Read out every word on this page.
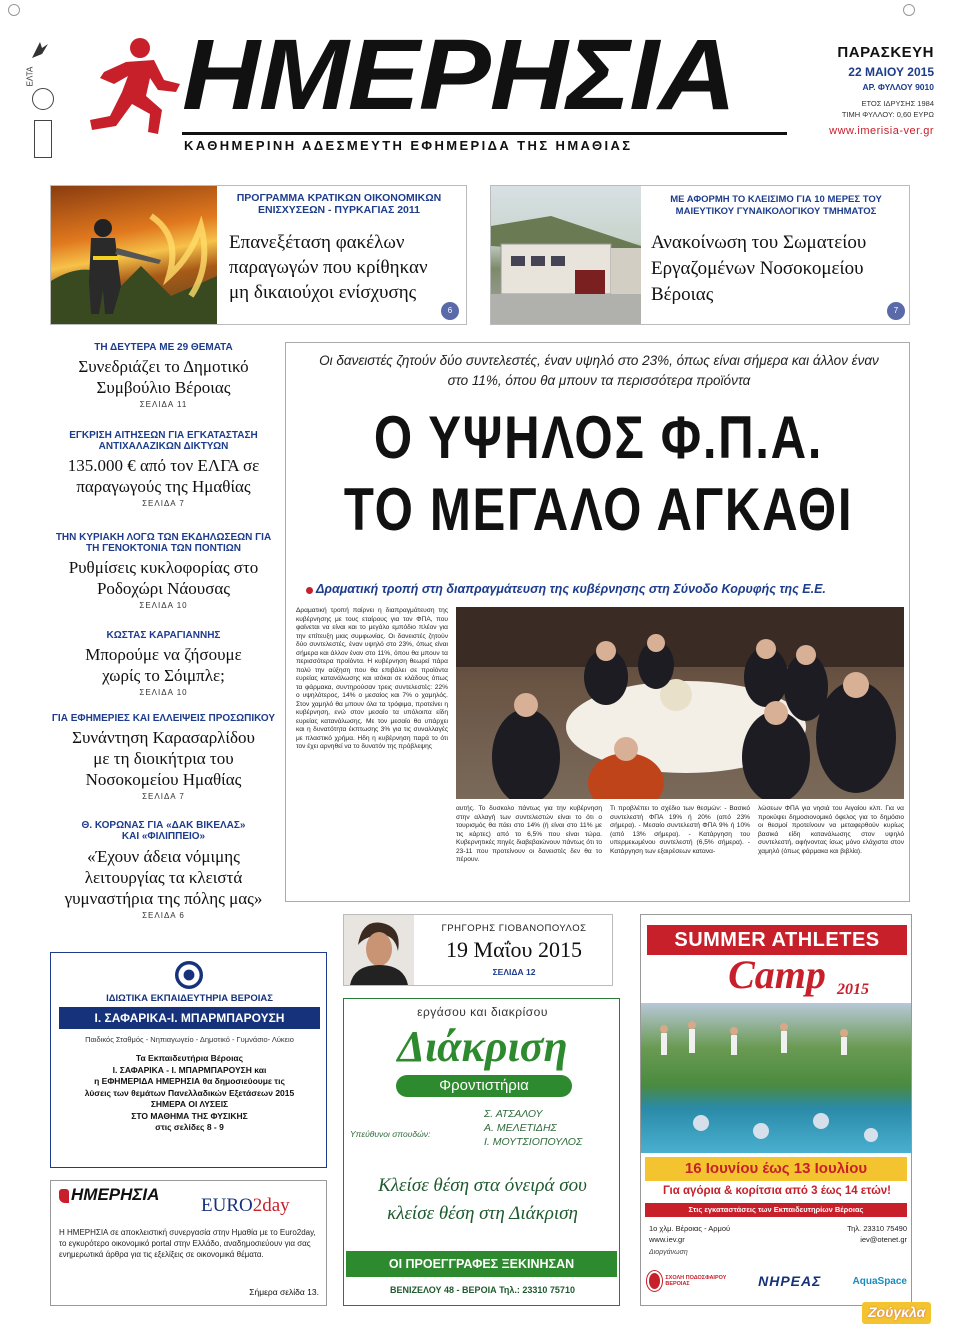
ΕΛΤΑ ΗΜΕΡΗΣΙΑ
ΚΑΘΗΜΕΡΙΝΗ ΑΔΕΣΜΕΥΤΗ ΕΦΗΜΕΡΙΔΑ ΤΗΣ ΗΜΑΘΙΑΣ
ΠΑΡΑΣΚΕΥΗ
22 ΜΑΙΟΥ 2015
ΑΡ. ΦΥΛΛΟΥ 9010
ΕΤΟΣ ΙΔΡΥΣΗΣ 1984
ΤΙΜΗ ΦΥΛΛΟΥ: 0,60 ΕΥΡΩ
www.imerisia-ver.gr
ΠΡΟΓΡΑΜΜΑ ΚΡΑΤΙΚΩΝ ΟΙΚΟΝΟΜΙΚΩΝ ΕΝΙΣΧΥΣΕΩΝ - ΠΥΡΚΑΓΙΑΣ 2011
Επανεξέταση φακέλων παραγωγών που κρίθηκαν μη δικαιούχοι ενίσχυσης
6
ΜΕ ΑΦΟΡΜΗ ΤΟ ΚΛΕΙΣΙΜΟ ΓΙΑ 10 ΜΕΡΕΣ ΤΟΥ ΜΑΙΕΥΤΙΚΟΥ ΓΥΝΑΙΚΟΛΟΓΙΚΟΥ ΤΜΗΜΑΤΟΣ
Ανακοίνωση του Σωματείου Εργαζομένων Νοσοκομείου Βέροιας
7
ΤΗ ΔΕΥΤΕΡΑ ΜΕ 29 ΘΕΜΑΤΑ
Συνεδριάζει το Δημοτικό Συμβούλιο Βέροιας
ΣΕΛΙΔΑ 11
ΕΓΚΡΙΣΗ ΑΙΤΗΣΕΩΝ ΓΙΑ ΕΓΚΑΤΑΣΤΑΣΗ ΑΝΤΙΧΑΛΑΖΙΚΩΝ ΔΙΚΤΥΩΝ
135.000 € από τον ΕΛΓΑ σε παραγωγούς της Ημαθίας
ΣΕΛΙΔΑ 7
ΤΗΝ ΚΥΡΙΑΚΗ ΛΟΓΩ ΤΩΝ ΕΚΔΗΛΩΣΕΩΝ ΓΙΑ ΤΗ ΓΕΝΟΚΤΟΝΙΑ ΤΩΝ ΠΟΝΤΙΩΝ
Ρυθμίσεις κυκλοφορίας στο Ροδοχώρι Νάουσας
ΣΕΛΙΔΑ 10
ΚΩΣΤΑΣ ΚΑΡΑΓΙΑΝΝΗΣ
Μπορούμε να ζήσουμε χωρίς το Σόιμπλε;
ΣΕΛΙΔΑ 10
ΓΙΑ ΕΦΗΜΕΡΙΕΣ ΚΑΙ ΕΛΛΕΙΨΕΙΣ ΠΡΟΣΩΠΙΚΟΥ
Συνάντηση Καρασαρλίδου με τη διοικήτρια του Νοσοκομείου Ημαθίας
ΣΕΛΙΔΑ 7
Θ. ΚΟΡΩΝΑΣ ΓΙΑ «ΔΑΚ ΒΙΚΕΛΑΣ» ΚΑΙ «ΦΙΛΙΠΠΕΙΟ»
«Έχουν άδεια νόμιμης λειτουργίας τα κλειστά γυμναστήρια της πόλης μας»
ΣΕΛΙΔΑ 6
Οι δανειστές ζητούν δύο συντελεστές, έναν υψηλό στο 23%, όπως είναι σήμερα και άλλον έναν στο 11%, όπου θα μπουν τα περισσότερα προϊόντα
Ο ΥΨΗΛΟΣ Φ.Π.Α.
ΤΟ ΜΕΓΑΛΟ ΑΓΚΑΘΙ
Δραματική τροπή στη διαπραγμάτευση της κυβέρνησης στη Σύνοδο Κορυφής της Ε.Ε.
Δραματική τροπή παίρνει η διαπραγμάτευση της κυβέρνησης με τους εταίρους για τον ΦΠΑ, που φαίνεται να είναι και το μεγάλο εμπόδιο πλέον για την επίτευξη μιας συμφωνίας. Οι δανειστές ζητούν δύο συντελεστές, έναν υψηλό στο 23%, όπως είναι σήμερα και άλλον έναν στο 11%, όπου θα μπουν τα περισσότερα προϊόντα. Η κυβέρνηση θεωρεί πάρα πολύ την αύξηση που θα επιβάλει σε προϊόντα ευρείας κατανάλωσης και ισόκαι σε κλάδους όπως τα φάρμακα, συντηρούσαν τρεις συντελεστές: 22% ο υψηλότερος, 14% ο μεσαίος και 7% ο χαμηλός. Στον χαμηλό θα μπουν όλα τα τρόφιμα, προτείνει η κυβέρνηση, ενώ στον μεσαίο τα υπόλοιπα είδη ευρείας κατανάλωσης. Με τον μεσαίο θα υπάρχει και η δυνατότητα έκπτωσης 3% για τις συναλλαγές με πλαστικό χρήμα. Ηδη η κυβέρνηση παρά το ότι τον έχει αρνηθεί να το δυνατόν της πρόβλεψης
αυτής. Το δυσκολο πάντως για την κυβέρνηση στην αλλαγή των συντελεστών είναι το ότι ο τουρισμός θα πάει στο 14% (ή είναι στο 11% με τις κάρτες) από το 6,5% που είναι τώρα. Κυβερνητικές πηγές διαβεβαιώνουν πάντως ότι το 23-11 που προτείνουν οι δανειστές δεν θα το πέρουν.
Τι προβλέπει το σχέδιο των θεσμών: - Βασικό συντελεστή ΦΠΑ 19% ή 20% (από 23% σήμερα). - Μεσαίο συντελεστή ΦΠΑ 9% ή 10% (από 13% σήμερα). - Κατάργηση του υπερμειωμένου συντελεστή (6,5% σήμερα). - Κατάργηση των εξαιρέσεων κατανα-
λώσεων ΦΠΑ για νησιά του Αιγαίου κλπ. Για να προκύψει δημοσιονομικό όφελος για το δημόσιο οι θεσμοί προτείνουν να μεταφερθούν κυρίως βασικά είδη κατανάλωσης στον υψηλό συντελεστή, αφήνοντας ίσως μόνο ελάχιστα στον χαμηλό (όπως φάρμακα και βιβλία).
ΓΡΗΓΟΡΗΣ ΓΙΟΒΑΝΟΠΟΥΛΟΣ
19 Μαΐου 2015
ΣΕΛΙΔΑ 12
ΙΔΙΩΤΙΚΑ ΕΚΠΑΙΔΕΥΤΗΡΙΑ ΒΕΡΟΙΑΣ
Ι. ΣΑΦΑΡΙΚΑ-Ι. ΜΠΑΡΜΠΑΡΟΥΣΗ
Παιδικός Σταθμός - Νηπιαγωγείο - Δημοτικό - Γυμνάσιο- Λύκειο
Τα Εκπαιδευτήρια Βέροιας
Ι. ΣΑΦΑΡΙΚΑ - Ι. ΜΠΑΡΜΠΑΡΟΥΣΗ και
η ΕΦΗΜΕΡΙΔΑ ΗΜΕΡΗΣΙΑ θα δημοσιεύουμε τις
λύσεις των θεμάτων Πανελλαδικών Εξετάσεων 2015
ΣΗΜΕΡΑ ΟΙ ΛΥΣΕΙΣ
ΣΤΟ ΜΑΘΗΜΑ ΤΗΣ ΦΥΣΙΚΗΣ
στις σελίδες 8 - 9
ΗΜΕΡΗΣΙΑ
EURO2day
Η ΗΜΕΡΗΣΙΑ σε αποκλειστική συνεργασία στην Ημαθία με το Euro2day, το εγκυρότερο οικονομικό portal στην Ελλάδο, αναδημοσιεύουν για σας ενημερωτικά άρθρα για τις εξελίξεις σε οικονομικά θέματα.
Σήμερα σελίδα 13.
εργάσου και διακρίσου
Διάκριση
Φροντιστήρια
Υπεύθυνοι σπουδών:
Σ. ΑΤΣΑΛΟΥ
Α. ΜΕΛΕΤΙΔΗΣ
Ι. ΜΟΥΤΣΙΟΠΟΥΛΟΣ
Κλείσε θέση στα όνειρά σου
κλείσε θέση στη Διάκριση
ΟΙ ΠΡΟΕΓΓΡΑΦΕΣ ΞΕΚΙΝΗΣΑΝ
ΒΕΝΙΖΕΛΟΥ 48 - ΒΕΡΟΙΑ Τηλ.: 23310 75710
SUMMER ATHLETES
Camp 2015
16 Ιουνίου έως 13 Ιουλίου
Για αγόρια & κορίτσια από 3 έως 14 ετών!
Στις εγκαταστάσεις των Εκπαιδευτηρίων Βέροιας
1ο χλμ. Βέροιας - Αρμού	Τηλ. 23310 75490
www.iev.gr	iev@otenet.gr
Διοργάνωση
ΣΧΟΛΗ ΠΟΔΟΣΦΑΙΡΟΥ ΒΕΡΟΙΑΣ	ΝΗΡΕΑΣ	AquaSpace
Ζούγκλα
